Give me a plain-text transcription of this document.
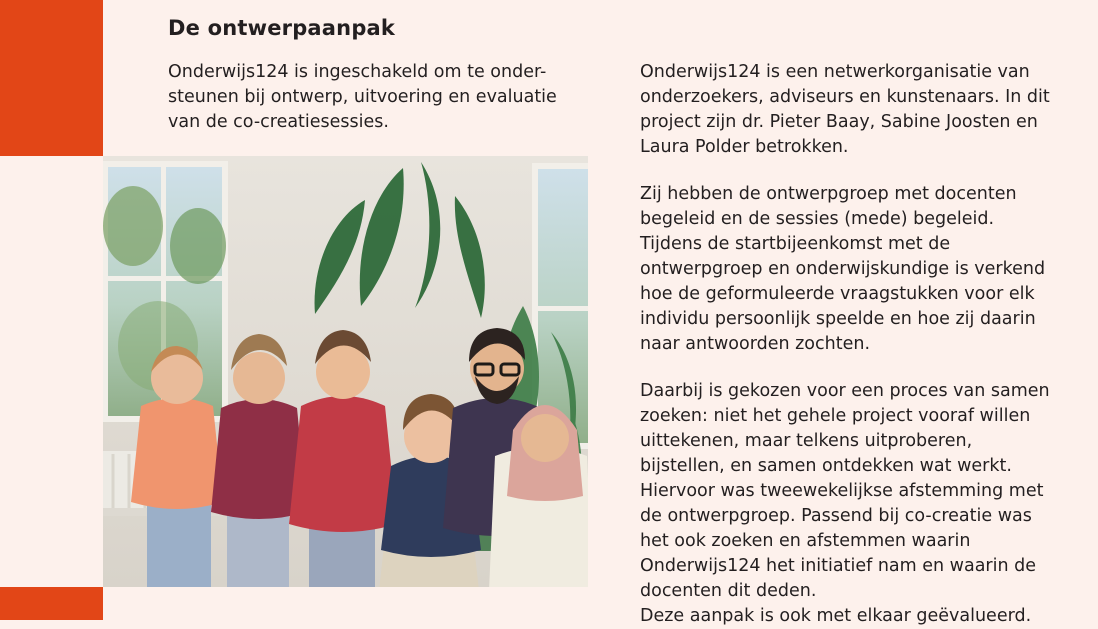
De ontwerpaanpak
Onderwijs124 is ingeschakeld om te onder-steunen bij ontwerp, uitvoering en evaluatie van de co-creatiesessies.

Onderwijs124 is een netwerkorganisatie van onderzoekers, adviseurs en kunstenaars. In dit project zijn dr. Pieter Baay, Sabine Joosten en Laura Polder betrokken.

Zij hebben de ontwerpgroep met docenten begeleid en de sessies (mede) begeleid. Tijdens de startbijeenkomst met de ontwerpgroep en onderwijskundige is verkend hoe de geformuleerde vraagstukken voor elk individu persoonlijk speelde en hoe zij daarin naar antwoorden zochten.

Daarbij is gekozen voor een proces van samen zoeken: niet het gehele project vooraf willen uittekenen, maar telkens uitproberen, bijstellen, en samen ontdekken wat werkt. Hiervoor was tweewekelijkse afstemming met de ontwerpgroep. Passend bij co-creatie was het ook zoeken en afstemmen waarin Onderwijs124 het initiatief nam en waarin de docenten dit deden.

Deze aanpak is ook met elkaar geëvalueerd.
